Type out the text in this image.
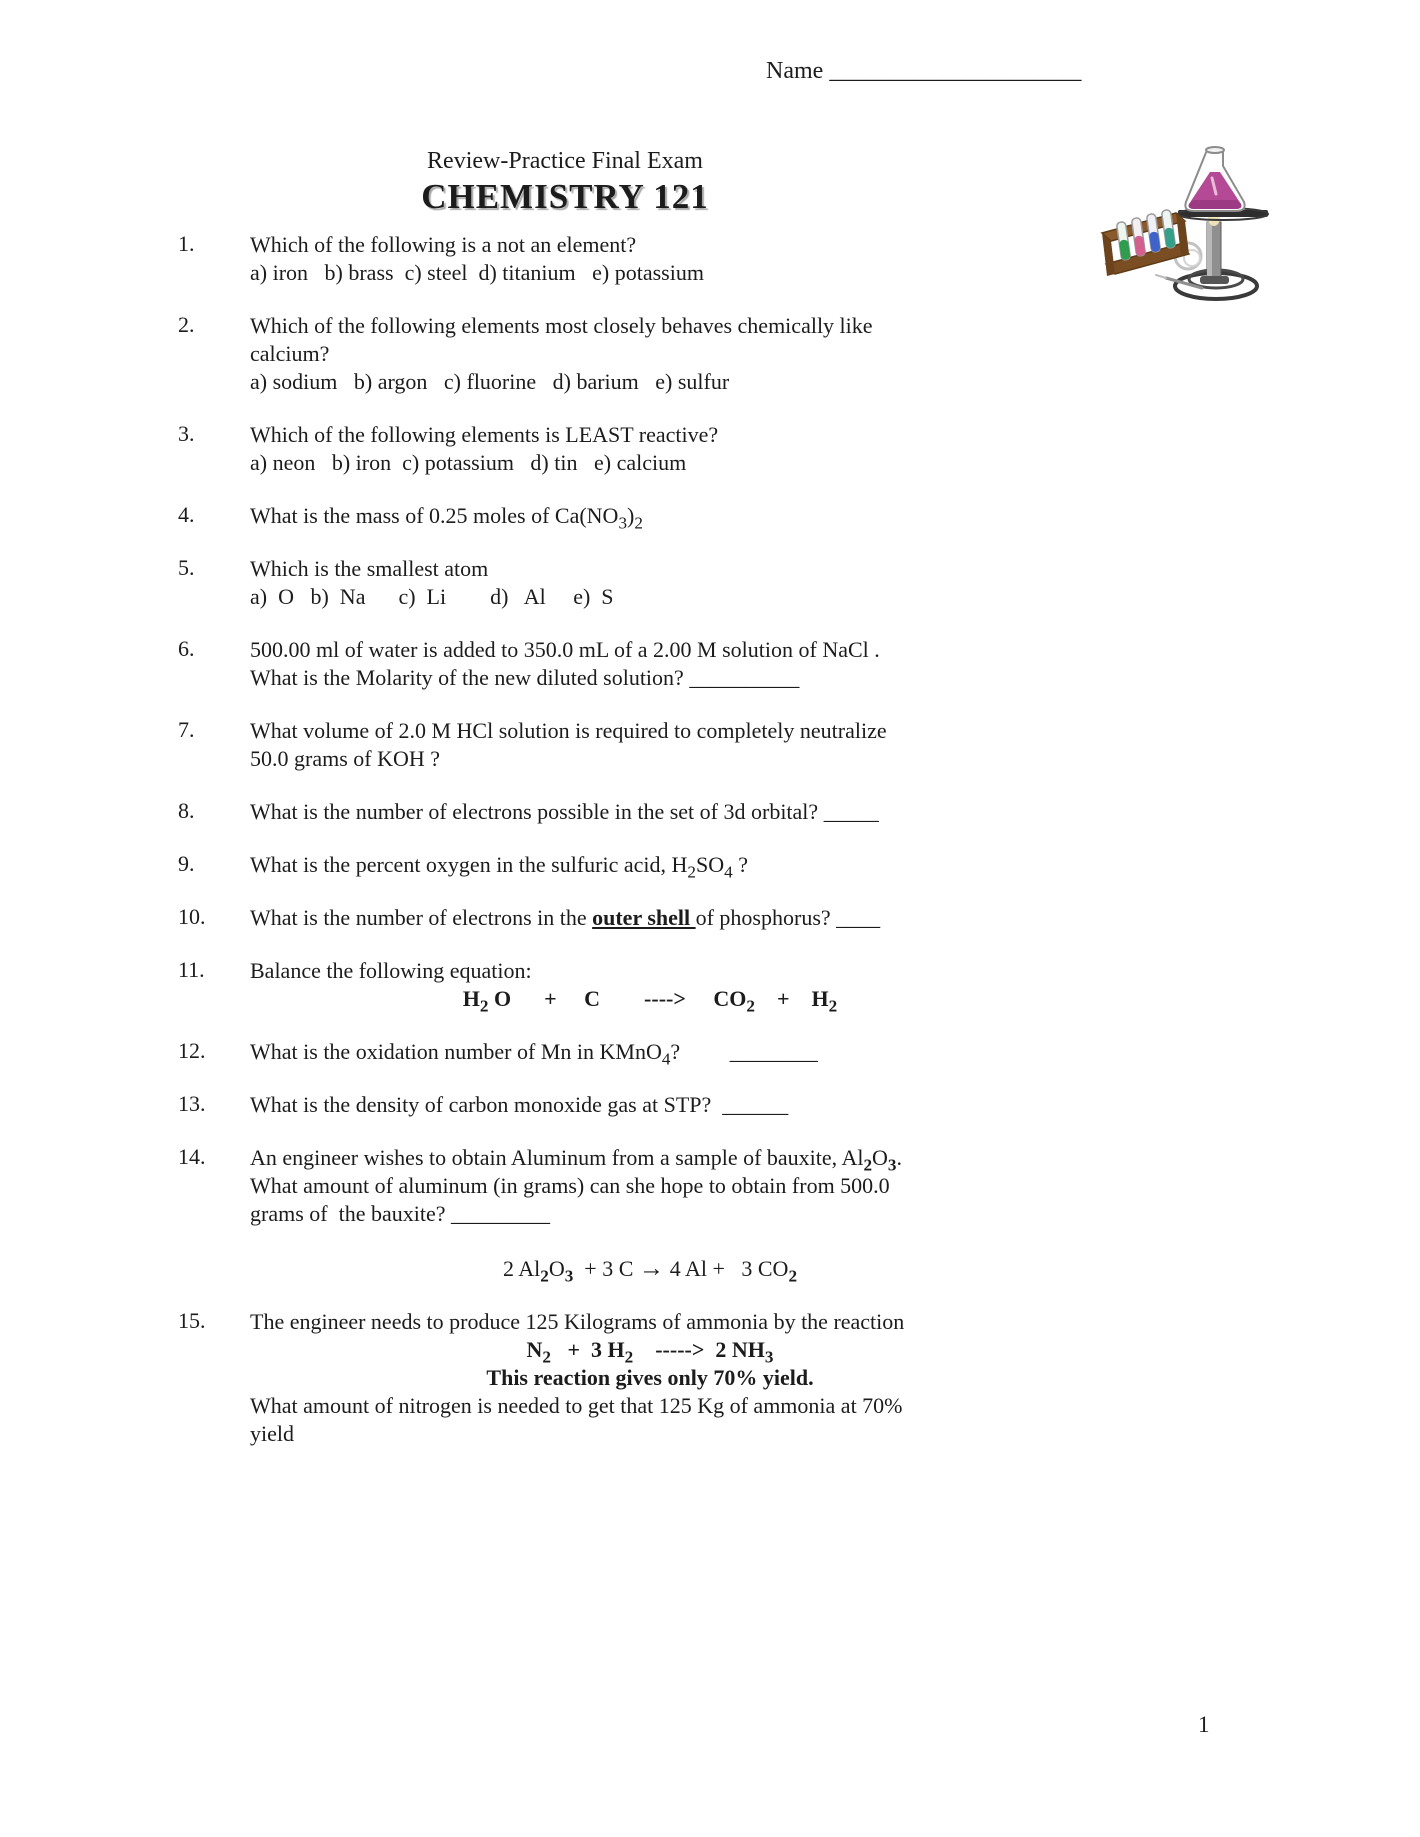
Name _____________________

Review-Practice Final Exam
CHEMISTRY 121
1.	Which of the following is a not an element?
a) iron   b) brass  c) steel  d) titanium   e) potassium
2.	Which of the following elements most closely behaves chemically like
calcium?
a) sodium   b) argon   c) fluorine   d) barium   e) sulfur
3.	Which of the following elements is LEAST reactive?
a) neon   b) iron  c) potassium   d) tin   e) calcium
4.	What is the mass of 0.25 moles of $Ca(NO_3)_2$
5.	Which is the smallest atom
a)  O   b)  Na      c)  Li        d)   Al     e)  S
6.	500.00 ml of water is added to 350.0 mL of a 2.00 M solution of NaCl .
What is the Molarity of the new diluted solution? __________
7.	What volume of 2.0 M HCl solution is required to completely neutralize
50.0 grams of KOH ?
8.	What is the number of electrons possible in the set of 3d orbital? _____
9.	What is the percent oxygen in the sulfuric acid, $H_2SO_4$ ?
10.	What is the number of electrons in the outer shell of phosphorus? ____
11.	Balance the following equation:
$H_2$ O      +     C        ---->     $CO_2$    +    $H_2$
12.	What is the oxidation number of Mn in KMnO$_4$?         ________
13.	What is the density of carbon monoxide gas at STP?  ______
14.	An engineer wishes to obtain Aluminum from a sample of bauxite, $Al_2O_3$.
What amount of aluminum (in grams) can she hope to obtain from 500.0
grams of  the bauxite? _________
2 $Al_2O_3 + 3$ C → 4 Al +   3 $CO_2$
15.	The engineer needs to produce 125 Kilograms of ammonia by the reaction
$N_2 + 3$ $H_2$    ----->  2 $NH_3$
This reaction gives only 70% yield.
What amount of nitrogen is needed to get that 125 Kg of ammonia at 70%
yield
1
